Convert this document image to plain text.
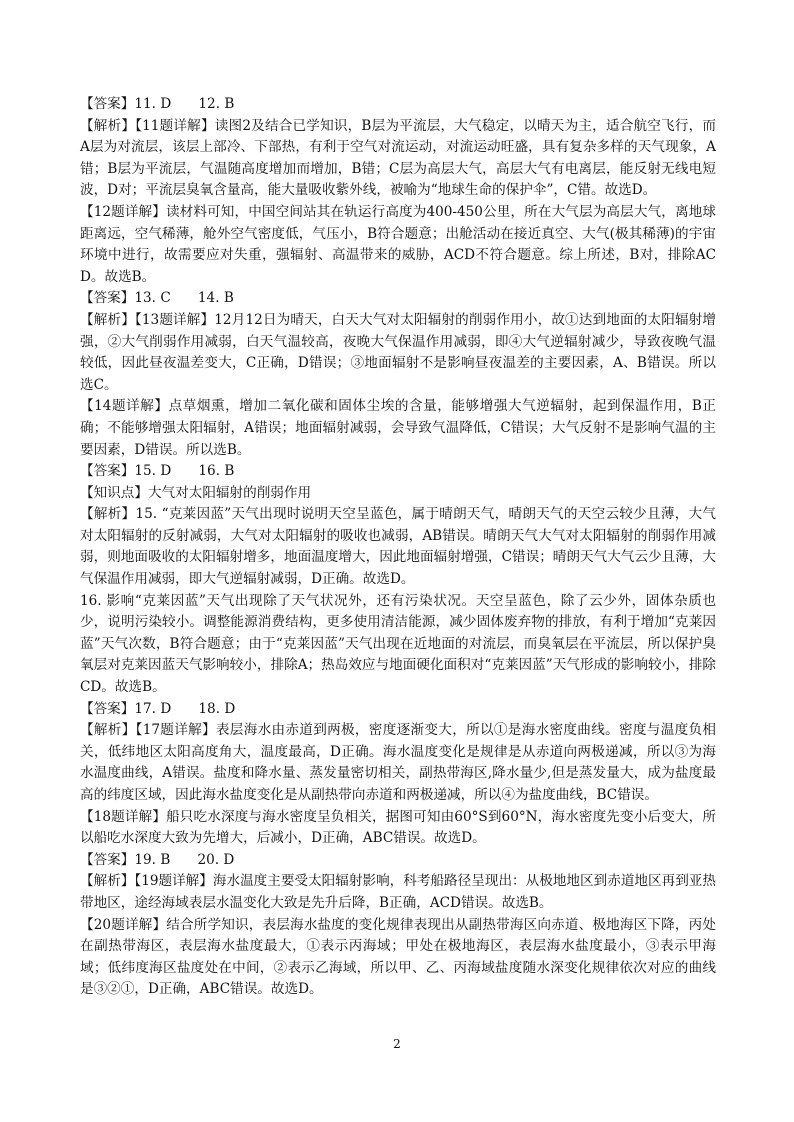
【答案】11. D　　12. B

【解析】【11题详解】读图2及结合已学知识，B层为平流层，大气稳定，以晴天为主，适合航空飞行，而A层为对流层，该层上部冷、下部热，有利于空气对流运动，对流运动旺盛，具有复杂多样的天气现象，A错；B层为平流层，气温随高度增加而增加，B错；C层为高层大气，高层大气有电离层，能反射无线电短波，D对；平流层臭氧含量高，能大量吸收紫外线，被喻为“地球生命的保护伞”，C错。故选D。

【12题详解】读材料可知，中国空间站其在轨运行高度为400-450公里，所在大气层为高层大气，离地球距离远，空气稀薄，舱外空气密度低，气压小，B符合题意；出舱活动在接近真空、大气(极其稀薄)的宇宙环境中进行，故需要应对失重，强辐射、高温带来的威胁，ACD不符合题意。综上所述，B对，排除ACD。故选B。

【答案】13. C　　14. B

【解析】【13题详解】12月12日为晴天，白天大气对太阳辐射的削弱作用小，故①达到地面的太阳辐射增强，②大气削弱作用减弱，白天气温较高，夜晚大气保温作用减弱，即④大气逆辐射减少，导致夜晚气温较低，因此昼夜温差变大，C正确，D错误；③地面辐射不是影响昼夜温差的主要因素，A、B错误。所以选C。

【14题详解】点草烟熏，增加二氧化碳和固体尘埃的含量，能够增强大气逆辐射，起到保温作用，B正确；不能够增强太阳辐射，A错误；地面辐射减弱，会导致气温降低，C错误；大气反射不是影响气温的主要因素，D错误。所以选B。

【答案】15. D　　16. B

【知识点】大气对太阳辐射的削弱作用

【解析】15. “克莱因蓝”天气出现时说明天空呈蓝色，属于晴朗天气，晴朗天气的天空云较少且薄，大气对太阳辐射的反射减弱，大气对太阳辐射的吸收也减弱，AB错误。晴朗天气大气对太阳辐射的削弱作用减弱，则地面吸收的太阳辐射增多，地面温度增大，因此地面辐射增强，C错误；晴朗天气大气云少且薄，大气保温作用减弱，即大气逆辐射减弱，D正确。故选D。

16. 影响“克莱因蓝”天气出现除了天气状况外，还有污染状况。天空呈蓝色，除了云少外，固体杂质也少，说明污染较小。调整能源消费结构，更多使用清洁能源，减少固体废弃物的排放，有利于增加“克莱因蓝”天气次数，B符合题意；由于“克莱因蓝”天气出现在近地面的对流层，而臭氧层在平流层，所以保护臭氧层对克莱因蓝天气影响较小，排除A；热岛效应与地面硬化面积对“克莱因蓝”天气形成的影响较小，排除CD。故选B。

【答案】17. D　　18. D

【解析】【17题详解】表层海水由赤道到两极，密度逐渐变大，所以①是海水密度曲线。密度与温度负相关，低纬地区太阳高度角大，温度最高，D正确。海水温度变化是规律是从赤道向两极递减，所以③为海水温度曲线，A错误。盐度和降水量、蒸发量密切相关，副热带海区,降水量少,但是蒸发量大，成为盐度最高的纬度区域，因此海水盐度变化是从副热带向赤道和两极递减，所以④为盐度曲线，BC错误。

【18题详解】船只吃水深度与海水密度呈负相关，据图可知由60°S到60°N，海水密度先变小后变大，所以船吃水深度大致为先增大，后减小，D正确，ABC错误。故选D。

【答案】19. B　　20. D

【解析】【19题详解】海水温度主要受太阳辐射影响，科考船路径呈现出：从极地地区到赤道地区再到亚热带地区，途经海域表层水温变化大致是先升后降，B正确，ACD错误。故选B。

【20题详解】结合所学知识，表层海水盐度的变化规律表现出从副热带海区向赤道、极地海区下降，丙处在副热带海区，表层海水盐度最大，①表示丙海域；甲处在极地海区，表层海水盐度最小，③表示甲海域；低纬度海区盐度处在中间，②表示乙海域，所以甲、乙、丙海域盐度随水深变化规律依次对应的曲线是③②①，D正确，ABC错误。故选D。

2
